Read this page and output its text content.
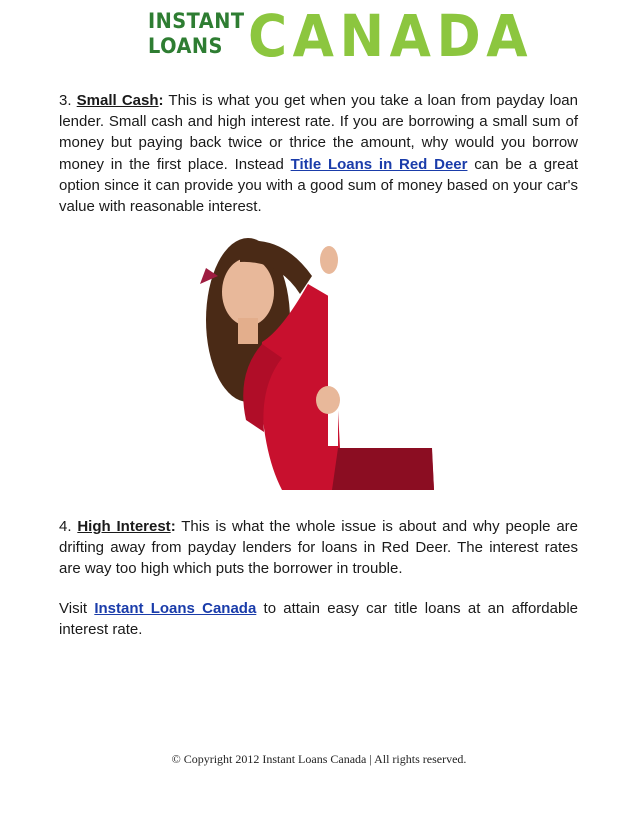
INSTANT
LOANS CANADA

3. Small Cash: This is what you get when you take a loan from payday loan lender. Small cash and high interest rate. If you are borrowing a small sum of money but paying back twice or thrice the amount, why would you borrow money in the first place. Instead Title Loans in Red Deer can be a great option since it can provide you with a good sum of money based on your car's value with reasonable interest.

4. High Interest: This is what the whole issue is about and why people are drifting away from payday lenders for loans in Red Deer. The interest rates are way too high which puts the borrower in trouble.

Visit Instant Loans Canada to attain easy car title loans at an affordable interest rate.

© Copyright 2012 Instant Loans Canada | All rights reserved.
